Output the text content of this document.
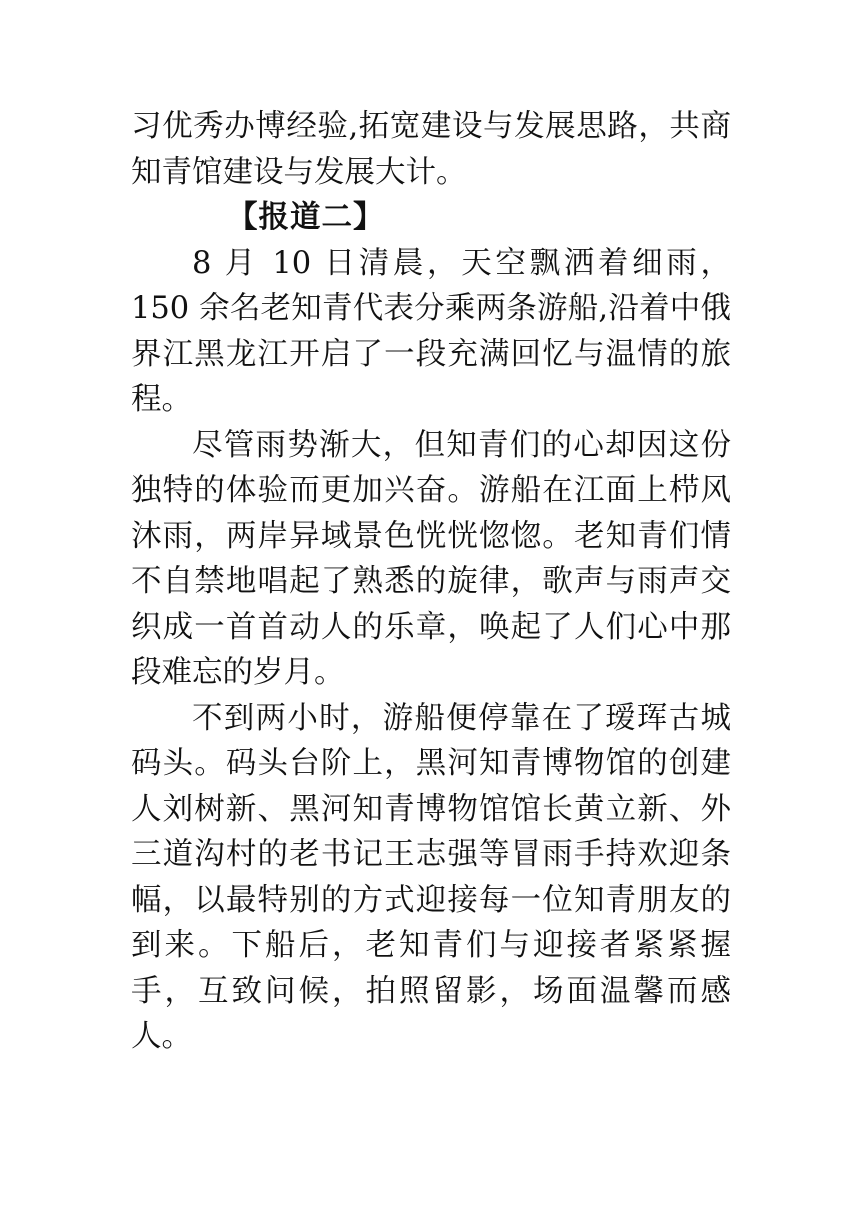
习优秀办博经验,拓宽建设与发展思路，共商知青馆建设与发展大计。

【报道二】

8 月 10 日清晨，天空飘洒着细雨，150 余名老知青代表分乘两条游船,沿着中俄界江黑龙江开启了一段充满回忆与温情的旅程。

尽管雨势渐大，但知青们的心却因这份独特的体验而更加兴奋。游船在江面上栉风沐雨，两岸异域景色恍恍惚惚。老知青们情不自禁地唱起了熟悉的旋律，歌声与雨声交织成一首首动人的乐章，唤起了人们心中那段难忘的岁月。

不到两小时，游船便停靠在了瑷珲古城码头。码头台阶上，黑河知青博物馆的创建人刘树新、黑河知青博物馆馆长黄立新、外三道沟村的老书记王志强等冒雨手持欢迎条幅，以最特别的方式迎接每一位知青朋友的到来。下船后，老知青们与迎接者紧紧握手，互致问候，拍照留影，场面温馨而感人。
